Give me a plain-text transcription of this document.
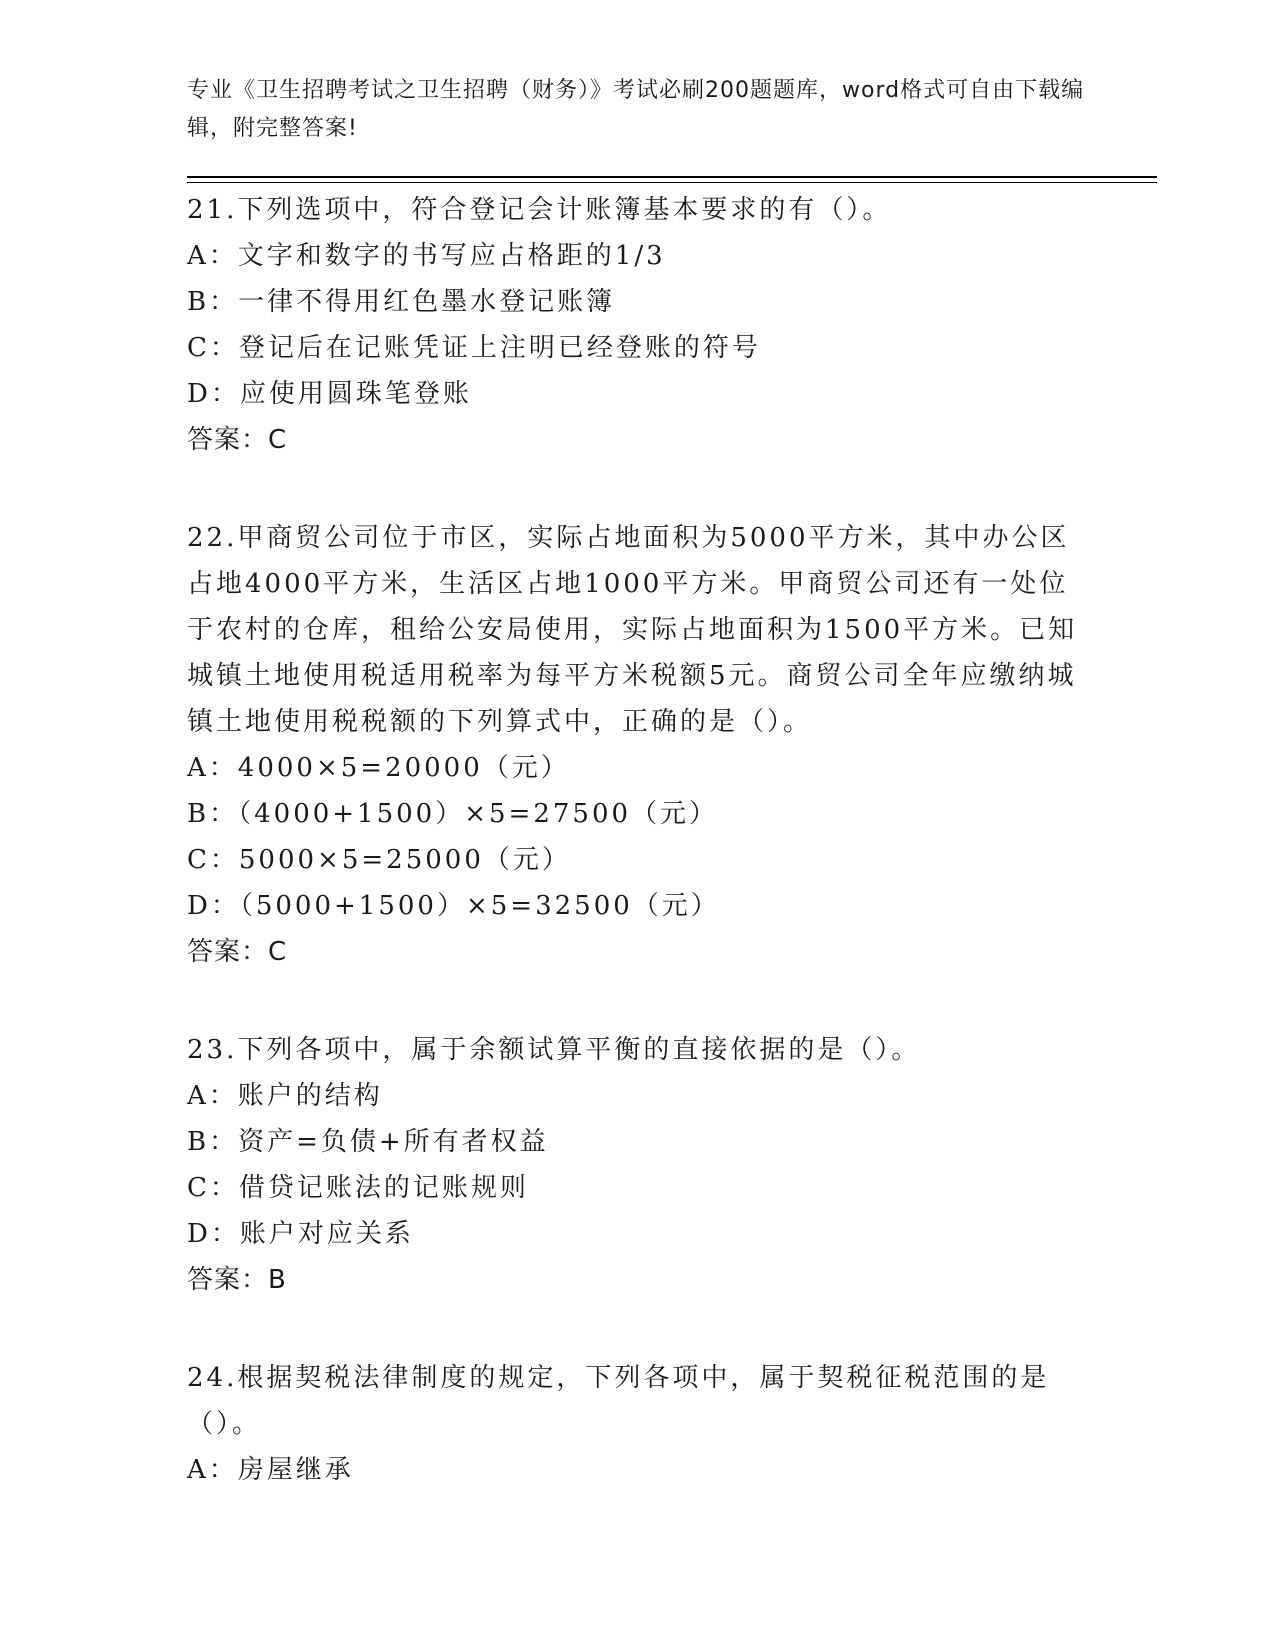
专业《卫生招聘考试之卫生招聘（财务）》考试必刷200题题库，word格式可自由下载编辑，附完整答案!

21.下列选项中，符合登记会计账簿基本要求的有（）。

A：文字和数字的书写应占格距的1/3

B：一律不得用红色墨水登记账簿

C：登记后在记账凭证上注明已经登账的符号

D：应使用圆珠笔登账

答案：C

22.甲商贸公司位于市区，实际占地面积为5000平方米，其中办公区占地4000平方米，生活区占地1000平方米。甲商贸公司还有一处位于农村的仓库，租给公安局使用，实际占地面积为1500平方米。已知城镇土地使用税适用税率为每平方米税额5元。商贸公司全年应缴纳城镇土地使用税税额的下列算式中，正确的是（）。

A：4000×5=20000（元）

B：（4000+1500）×5=27500（元）

C：5000×5=25000（元）

D：（5000+1500）×5=32500（元）

答案：C

23.下列各项中，属于余额试算平衡的直接依据的是（）。

A：账户的结构

B：资产=负债+所有者权益

C：借贷记账法的记账规则

D：账户对应关系

答案：B

24.根据契税法律制度的规定，下列各项中，属于契税征税范围的是（）。

A：房屋继承
